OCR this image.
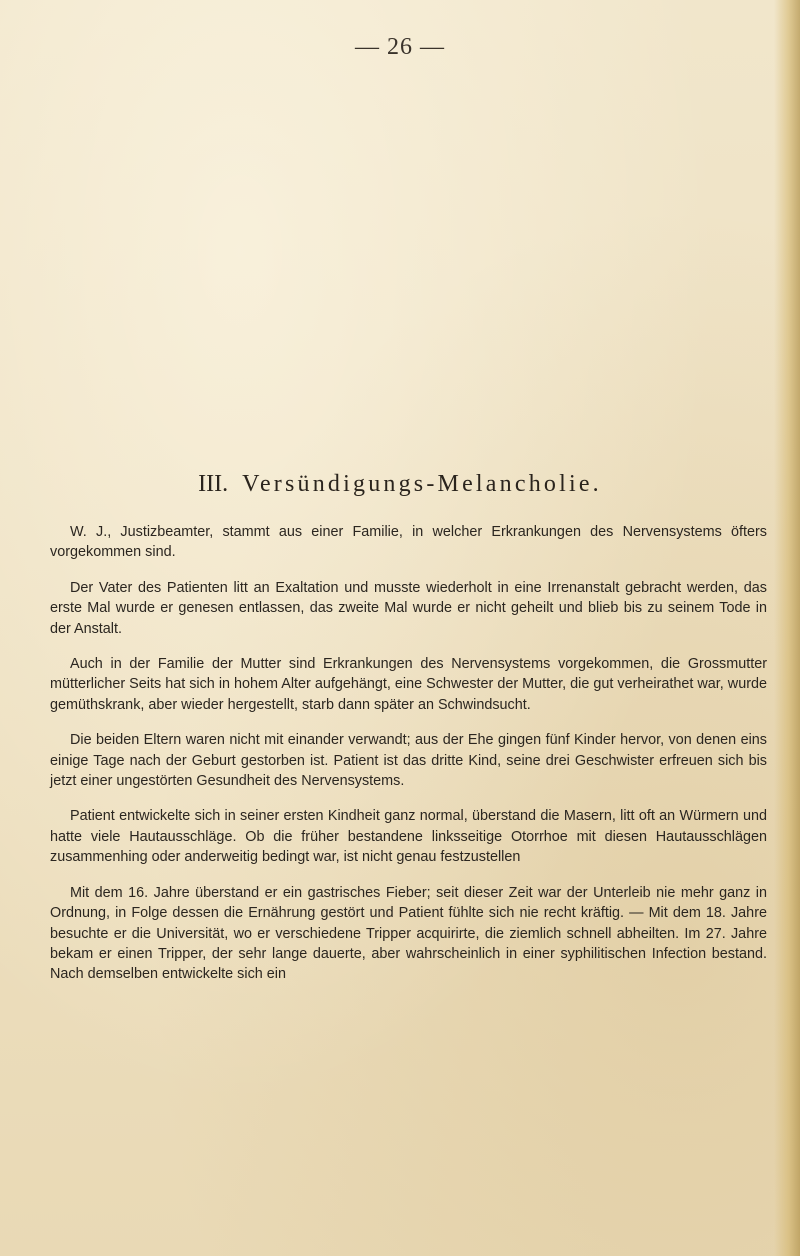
— 26 —
III. Versündigungs-Melancholie.

W. J., Justizbeamter, stammt aus einer Familie, in welcher Erkrankungen des Nervensystems öfters vorgekommen sind.

Der Vater des Patienten litt an Exaltation und musste wiederholt in eine Irrenanstalt gebracht werden, das erste Mal wurde er genesen entlassen, das zweite Mal wurde er nicht geheilt und blieb bis zu seinem Tode in der Anstalt.

Auch in der Familie der Mutter sind Erkrankungen des Nervensystems vorgekommen, die Grossmutter mütterlicher Seits hat sich in hohem Alter aufgehängt, eine Schwester der Mutter, die gut verheirathet war, wurde gemüthskrank, aber wieder hergestellt, starb dann später an Schwindsucht.

Die beiden Eltern waren nicht mit einander verwandt; aus der Ehe gingen fünf Kinder hervor, von denen eins einige Tage nach der Geburt gestorben ist. Patient ist das dritte Kind, seine drei Geschwister erfreuen sich bis jetzt einer ungestörten Gesundheit des Nervensystems.

Patient entwickelte sich in seiner ersten Kindheit ganz normal, überstand die Masern, litt oft an Würmern und hatte viele Hautausschläge. Ob die früher bestandene linksseitige Otorrhoe mit diesen Hautausschlägen zusammenhing oder anderweitig bedingt war, ist nicht genau festzustellen

Mit dem 16. Jahre überstand er ein gastrisches Fieber; seit dieser Zeit war der Unterleib nie mehr ganz in Ordnung, in Folge dessen die Ernährung gestört und Patient fühlte sich nie recht kräftig. — Mit dem 18. Jahre besuchte er die Universität, wo er verschiedene Tripper acquirirte, die ziemlich schnell abheilten. Im 27. Jahre bekam er einen Tripper, der sehr lange dauerte, aber wahrscheinlich in einer syphilitischen Infection bestand. Nach demselben entwickelte sich ein
